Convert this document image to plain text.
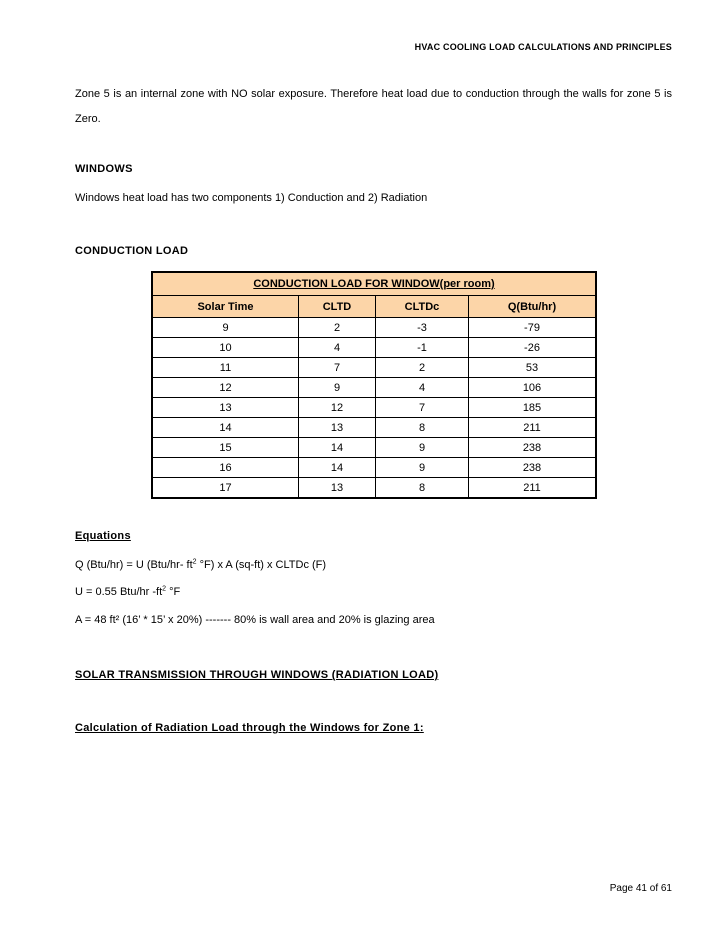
HVAC COOLING LOAD CALCULATIONS AND PRINCIPLES
Zone 5 is an internal zone with NO solar exposure. Therefore heat load due to conduction through the walls for zone 5 is Zero.
WINDOWS
Windows heat load has two components 1) Conduction and 2) Radiation
CONDUCTION LOAD
CONDUCTION LOAD FOR WINDOW(per room)			
Solar Time	CLTD	CLTDc	Q(Btu/hr)
9	2	-3	-79
10	4	-1	-26
11	7	2	53
12	9	4	106
13	12	7	185
14	13	8	211
15	14	9	238
16	14	9	238
17	13	8	211
Equations
Q (Btu/hr) = U (Btu/hr- $ft^2$ °F) x A (sq-ft) x CLTDc (F)
U = 0.55 Btu/hr $-ft^2$ °F
A = 48 ft² (16’ * 15’ x 20%) ------- 80% is wall area and 20% is glazing area
SOLAR TRANSMISSION THROUGH WINDOWS (RADIATION LOAD)
Calculation of Radiation Load through the Windows for Zone 1:
Page 41 of 61
